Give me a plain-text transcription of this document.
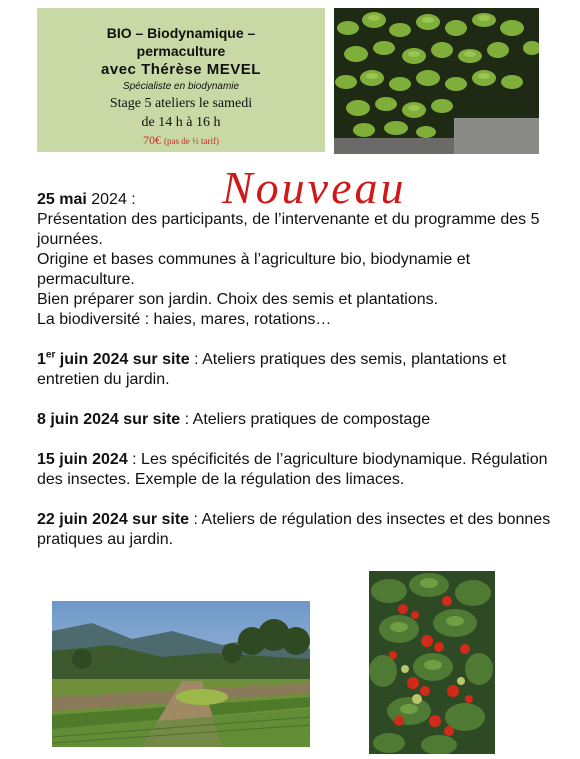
BIO – Biodynamique –
permaculture
avec Thérèse MEVEL
Spécialiste en biodynamie
Stage 5 ateliers le samedi
de 14 h à 16 h
70€ (pas de ½ tarif)
Nouveau

25 mai 2024 :

Présentation des participants, de l’intervenante et du programme des 5 journées.

Origine et bases communes à l’agriculture bio, biodynamie et permaculture.

Bien préparer son jardin. Choix des semis et plantations.

La biodiversité : haies, mares, rotations…

1er juin 2024 sur site : Ateliers pratiques des semis, plantations et entretien du jardin.

8 juin 2024 sur site : Ateliers pratiques de compostage

15 juin 2024 : Les spécificités de l’agriculture biodynamique. Régulation des insectes. Exemple de la régulation des limaces.

22 juin 2024 sur site : Ateliers de régulation des insectes et des bonnes pratiques au jardin.
